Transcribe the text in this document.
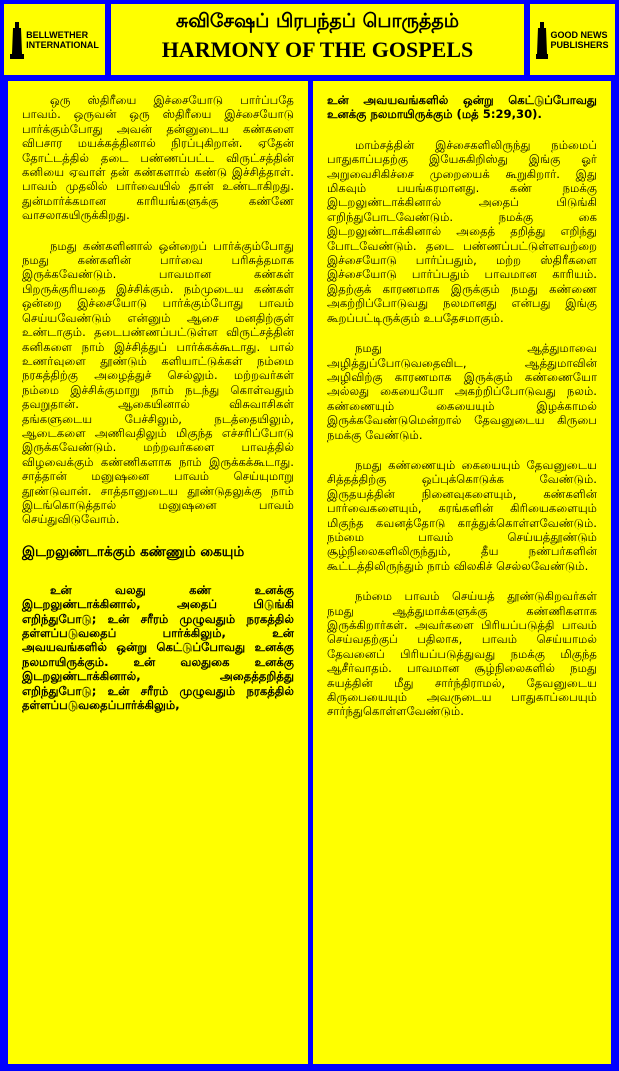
BELLWETHER
INTERNATIONAL
சுவிசேஷப் பிரபந்தப் பொருத்தம்
HARMONY OF THE GOSPELS
GOOD NEWS
PUBLISHERS

ஒரு ஸ்திரீயை இச்சையோடு பார்ப்பதே பாவம். ஒருவன் ஒரு ஸ்திரீயை இச்சையோடு பார்க்கும்போது அவன் தன்னுடைய கண்களை விபசார மயக்கத்தினால் நிரப்புகிறான். ஏதேன் தோட்டத்தில் தடை பண்ணப்பட்ட விருட்சத்தின் கனியை ஏவாள் தன் கண்களால் கண்டு இச்சித்தாள். பாவம் முதலில் பார்வையில் தான் உண்டாகிறது. துன்மார்க்கமான காரியங்களுக்கு கண்ணே வாசலாகயிருக்கிறது.

நமது கண்களினால் ஒன்றைப் பார்க்கும்போது நமது கண்களின் பார்வை பரிசுத்தமாக இருக்கவேண்டும். பாவமான கண்கள் பிறருக்குரியதை இச்சிக்கும். நம்முடைய கண்கள் ஒன்றை இச்சையோடு பார்க்கும்போது பாவம் செய்யவேண்டும் என்னும் ஆசை மனதிற்குள் உண்டாகும். தடைபண்ணப்பட்டுள்ள விருட்சத்தின் கனிகளை நாம் இச்சித்துப் பார்க்கக்கூடாது. பால் உணர்வுளை தூண்டும் களியாட்டுக்கள் நம்மை நரகத்திற்கு அழைத்துச் செல்லும். மற்றவர்கள் நம்மை இச்சிக்குமாறு நாம் நடந்து கொள்வதும் தவறுதான். ஆகையினால் விசுவாசிகள் தங்களுடைய பேச்சிலும், நடத்தையிலும், ஆடைகளை அணிவதிலும் மிகுந்த எச்சரிப்போடு இருக்கவேண்டும். மற்றவர்களை பாவத்தில் விழவைக்கும் கண்ணிகளாக நாம் இருக்கக்கூடாது. சாத்தான் மனுஷனை பாவம் செய்யுமாறு தூண்டுவான். சாத்தானுடைய தூண்டுதலுக்கு நாம் இடங்கொடுத்தால் மனுஷனை பாவம் செய்துவிடுவோம்.

இடறலுண்டாக்கும் கண்ணும் கையும்

உன் வலது கண் உனக்கு இடறலுண்டாக்கினால், அதைப் பிடுங்கி எறிந்துபோடு; உன் சரீரம் முழுவதும் நரகத்தில் தள்ளப்படுவதைப் பார்க்கிலும், உன் அவயவங்களில் ஒன்று கெட்டுப்போவது உனக்கு நலமாயிருக்கும். உன் வலதுகை உனக்கு இடறலுண்டாக்கினால், அதைத்தறித்து எறிந்துபோடு; உன் சரீரம் முழுவதும் நரகத்தில் தள்ளப்படுவதைப்பார்க்கிலும்,

உன் அவயவங்களில் ஒன்று கெட்டுப்போவது உனக்கு நலமாயிருக்கும் (மத் 5:29,30).

மாம்சத்தின் இச்சைகளிலிருந்து நம்மைப் பாதுகாப்பதற்கு இயேசுகிறிஸ்து இங்கு ஓர் அறுவைசிகிச்சை முறையைக் கூறுகிறார். இது மிகவும் பயங்கரமானது. கண் நமக்கு இடறலுண்டாக்கினால் அதைப் பிடுங்கி எறிந்துபோடவேண்டும். நமக்கு கை இடறலுண்டாக்கினால் அதைத் தறித்து எறிந்து போடவேண்டும். தடை பண்ணப்பட்டுள்ளவற்றை இச்சையோடு பார்ப்பதும், மற்ற ஸ்திரீகளை இச்சையோடு பார்ப்பதும் பாவமான காரியம். இதற்குக் காரணமாக இருக்கும் நமது கண்ணை அகற்றிப்போடுவது நலமானது என்பது இங்கு கூறப்பட்டிருக்கும் உபதேசமாகும்.

நமது ஆத்துமாவை அழித்துப்போடுவதைவிட, ஆத்துமாவின் அழிவிற்கு காரணமாக இருக்கும் கண்ணையோ அல்லது கையையோ அகற்றிப்போடுவது நலம். கண்ணையும் கையையும் இழக்காமல் இருக்கவேண்டுமென்றால் தேவனுடைய கிருபை நமக்கு வேண்டும்.

நமது கண்ணையும் கையையும் தேவனுடைய சித்தத்திற்கு ஒப்புக்கொடுக்க வேண்டும். இருதயத்தின் நினைவுகளையும், கண்களின் பார்வைகளையும், கரங்களின் கிரியைகளையும் மிகுந்த கவனத்தோடு காத்துக்கொள்ளவேண்டும். நம்மை பாவம் செய்யத்தூண்டும் சூழ்நிலைகளிலிருந்தும், தீய நண்பர்களின் கூட்டத்திலிருந்தும் நாம் விலகிச் செல்லவேண்டும்.

நம்மை பாவம் செய்யத் தூண்டுகிறவர்கள் நமது ஆத்துமாக்களுக்கு கண்ணிகளாக இருக்கிறார்கள். அவர்களை பிரியப்படுத்தி பாவம் செய்வதற்குப் பதிலாக, பாவம் செய்யாமல் தேவனைப் பிரியப்படுத்துவது நமக்கு மிகுந்த ஆசீர்வாதம். பாவமான சூழ்நிலைகளில் நமது சுயத்தின் மீது சார்ந்திராமல், தேவனுடைய கிருபையையும் அவருடைய பாதுகாப்பையும் சார்ந்துகொள்ளவேண்டும்.
